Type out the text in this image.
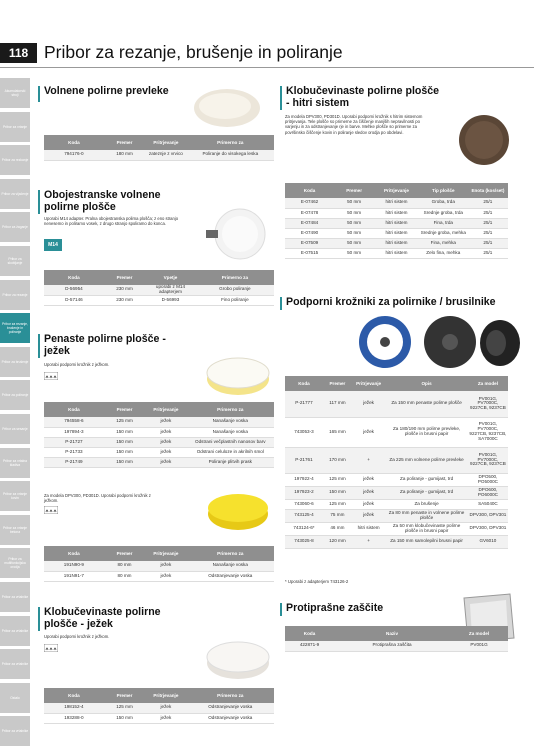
118 Pribor za rezanje, brušenje in poliranje
Akumulatorski stroji
Pribor za vrtanje
Pribor za rezkanje
Pribor za vijačenje
Pribor za žaganje
Pribor za skobljanje
Pribor za rezanje
Pribor za rezanje, brušenje in poliranje
Pribor za brušenje
Pribor za poliranje
Pribor za sesanje
Pribor za vrtalna kladiva
Pribor za vrtanje kovin
Pribor za vrtanje betona
Pribor za multifunkcijska orodja
Pribor za vrtalnike
Pribor za vrtalnike
Pribor za vrtalnike
Ostalo
Pribor za vrtalnike
Volnene polirne prevleke
Koda	Premer	Pritrjevanje	Primerno za
794176-0	180 mm	zateznje z vrvico	Poliranje do visokega leska
Obojestranske volnene polirne plošče
Uporabi M14 adapter. Pralna obojestranska polirna plošča; z eno stranjo nenesemo in poliramo vosek, z drugo stranjo spoliramo do konca.
M14
Koda	Premer	Vpetje	Primerno za
D-56954	230 mm	uporabi z M14 adapterjem	Grobo poliranje
D-57146	230 mm	D-56993	Fino poliranje
Penaste polirne plošče - ježek
Uporabi podporni krožnik z ježkom.
Koda	Premer	Pritrjevanje	Primerno za
794558-6	125 mm	ježek	Nanašanje voska
197894-3	150 mm	ježek	Nanašanje voska
P-21727	150 mm	ježek	Odstrani večplastnih nanosov barv
P-21733	150 mm	ježek	Odstrani celuloze in akrilnih smol
P-21749	150 mm	ježek	Poliranje plitvih prask
Za modela DPV300, PD301D. Uporabi podporni krožnik z ježkom.
Koda	Premer	Pritrjevanje	Primerno za
191N90-9	80 mm	ježek	Nanašanje voska
191N91-7	80 mm	ježek	Odstranjevanje voska
Klobučevinaste polirne plošče - ježek
Uporabi podporni krožnik z ježkom.
Koda	Premer	Pritrjevanje	Primerno za
198152-4	125 mm	ježek	Odstranjevanje voska
193288-0	150 mm	ježek	Odstranjevanje voska
Klobučevinaste polirne plošče - hitri sistem
Za modela DPV300, PD301D. Uporabi podporni krožnik s hitrim sistemom pritrjevanja. Tele plošče so primerne za čiščenje manjših nepravilnosti po varjenju in za odstranjevanje rje in barve. Mehke plošče so primerne za površinsko čiščenje kovin in poliranje sledov orodja po obdelavi.
Koda	Premer	Pritrjevanje	Tip plošče	Enota (kos/set)
E-07462	50 mm	hitri sistem	Groba, trda	25/1
E-07478	50 mm	hitri sistem	Srednje groba, trda	25/1
E-07484	50 mm	hitri sistem	Fina, trda	25/1
E-07490	50 mm	hitri sistem	Srednje groba, mehka	25/1
E-07509	50 mm	hitri sistem	Fina, mehka	25/1
E-07515	50 mm	hitri sistem	Zelo fina, mehka	25/1
Podporni krožniki za polirnike / brusilnike
Koda	Premer	Pritrjevanje	Opis	Za model
P-21777	117 mm	ježek	Za 150 mm penaste polirne plošče	PV001G, PV7000C, 9227CB, 9237CB
743053-3	165 mm	ježek	Za 180/190 mm polirne prevleke, plošče in brusni papir	PV001G, PV7000C, 9227CB, 9237CB, SA7000C
P-21761	170 mm	+	Za 225 mm volnene polirne prevleke	PV001G, PV7000C, 9227CB, 9237CB
197922-4	125 mm	ježek	Za poliranje - gumijast, trd	DPO500, PO5000C
197923-2	150 mm	ježek	Za poliranje - gumijast, trd	DPO600, PO6000C
743060-6	125 mm	ježek	Za brušenje	SA5040C
743125-4	75 mm	ježek	Za 80 mm penaste in volnene polirne plošče	DPV300, DPV301
743124-6*	46 mm	hitri sistem	Za 50 mm klobučevinaste polirne plošče in brusni papir	DPV300, DPV301
743025-8	120 mm	+	Za 150 mm samolepilni brusni papir	GV6010
* Uporabi z adapterjem 743126-2
Protiprašne zaščite
Koda	Naziv	Za model
422871-9	Protiprašna zaščita	PV001G
